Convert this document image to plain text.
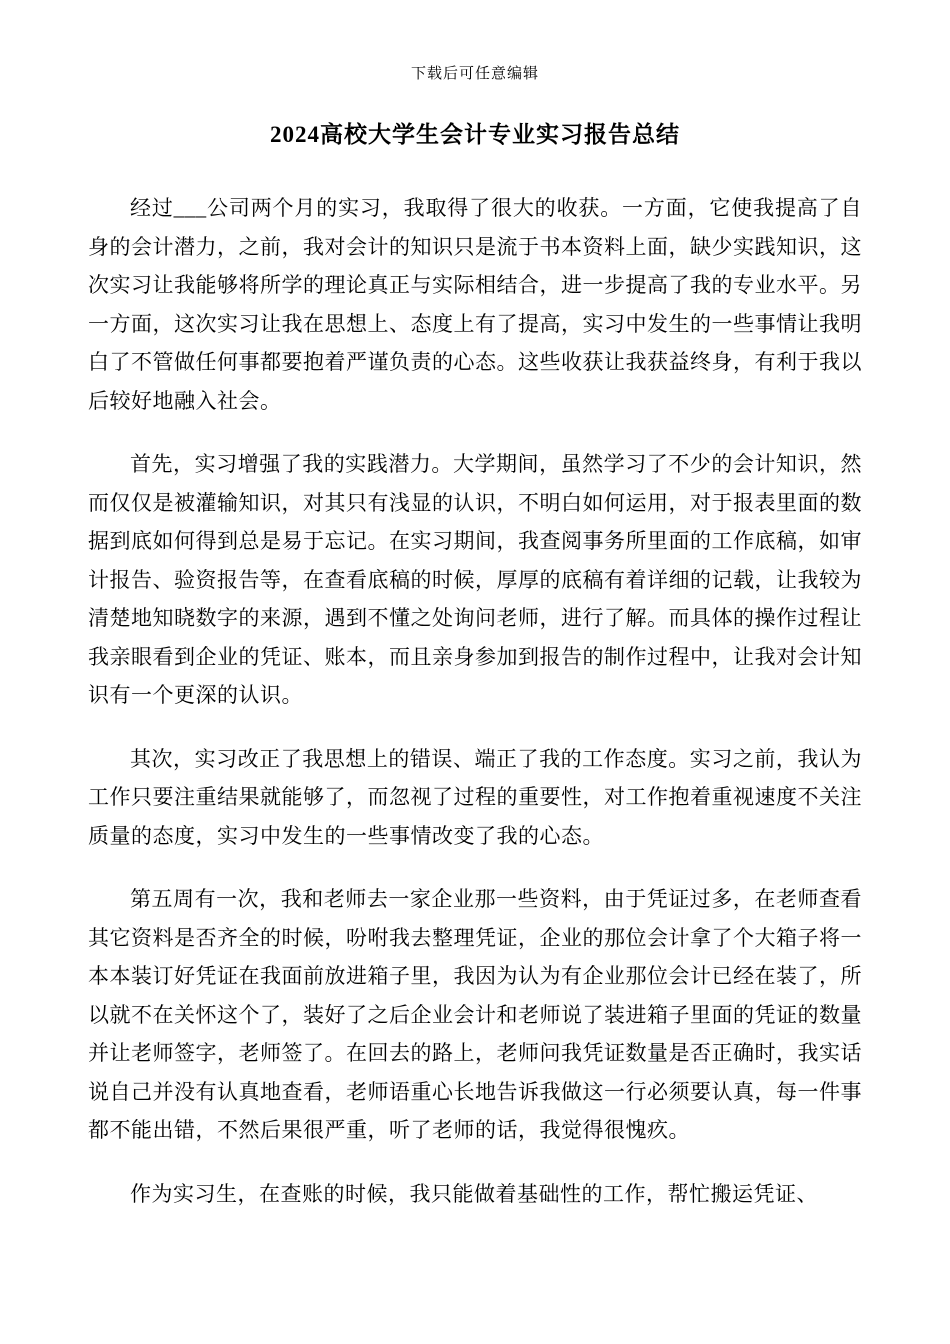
下载后可任意编辑
2024高校大学生会计专业实习报告总结

经过___公司两个月的实习，我取得了很大的收获。一方面，它使我提高了自身的会计潜力，之前，我对会计的知识只是流于书本资料上面，缺少实践知识，这次实习让我能够将所学的理论真正与实际相结合，进一步提高了我的专业水平。另一方面，这次实习让我在思想上、态度上有了提高，实习中发生的一些事情让我明白了不管做任何事都要抱着严谨负责的心态。这些收获让我获益终身，有利于我以后较好地融入社会。

首先，实习增强了我的实践潜力。大学期间，虽然学习了不少的会计知识，然而仅仅是被灌输知识，对其只有浅显的认识，不明白如何运用，对于报表里面的数据到底如何得到总是易于忘记。在实习期间，我查阅事务所里面的工作底稿，如审计报告、验资报告等，在查看底稿的时候，厚厚的底稿有着详细的记载，让我较为清楚地知晓数字的来源，遇到不懂之处询问老师，进行了解。而具体的操作过程让我亲眼看到企业的凭证、账本，而且亲身参加到报告的制作过程中，让我对会计知识有一个更深的认识。

其次，实习改正了我思想上的错误、端正了我的工作态度。实习之前，我认为工作只要注重结果就能够了，而忽视了过程的重要性，对工作抱着重视速度不关注质量的态度，实习中发生的一些事情改变了我的心态。

第五周有一次，我和老师去一家企业那一些资料，由于凭证过多，在老师查看其它资料是否齐全的时候，吩咐我去整理凭证，企业的那位会计拿了个大箱子将一本本装订好凭证在我面前放进箱子里，我因为认为有企业那位会计已经在装了，所以就不在关怀这个了，装好了之后企业会计和老师说了装进箱子里面的凭证的数量并让老师签字，老师签了。在回去的路上，老师问我凭证数量是否正确时，我实话说自己并没有认真地查看，老师语重心长地告诉我做这一行必须要认真，每一件事都不能出错，不然后果很严重，听了老师的话，我觉得很愧疚。

作为实习生，在查账的时候，我只能做着基础性的工作，帮忙搬运凭证、
